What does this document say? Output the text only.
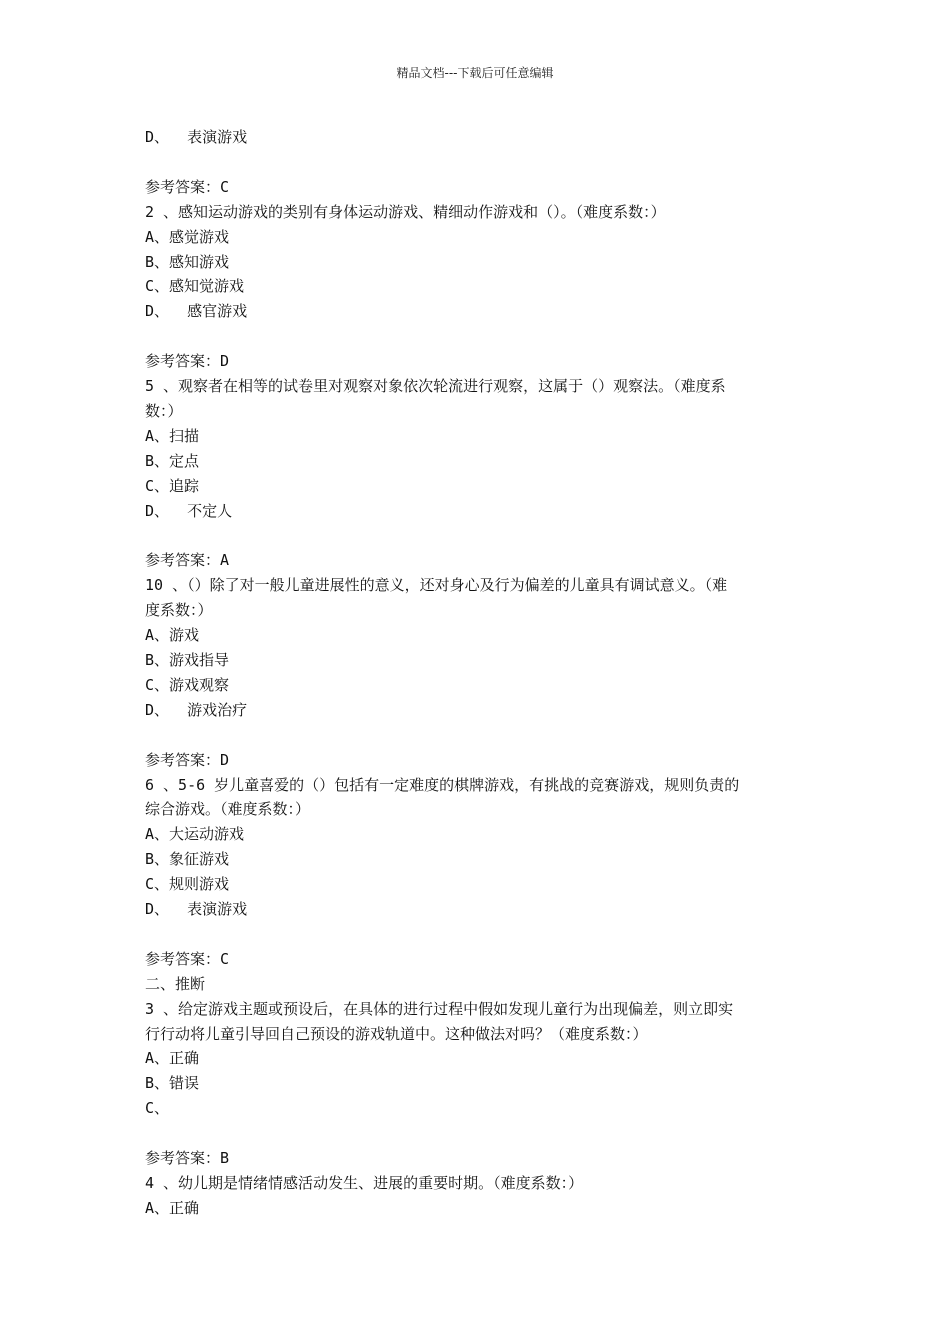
精品文档---下载后可任意编辑
D、  表演游戏
参考答案：C
2 、感知运动游戏的类别有身体运动游戏、精细动作游戏和（）。（难度系数：）
A、感觉游戏
B、感知游戏
C、感知觉游戏
D、  感官游戏
参考答案：D
5 、观察者在相等的试卷里对观察对象依次轮流进行观察，这属于（）观察法。（难度系
数：）
A、扫描
B、定点
C、追踪
D、  不定人
参考答案：A
10 、（）除了对一般儿童进展性的意义，还对身心及行为偏差的儿童具有调试意义。（难
度系数：）
A、游戏
B、游戏指导
C、游戏观察
D、  游戏治疗
参考答案：D
6 、5-6 岁儿童喜爱的（）包括有一定难度的棋牌游戏，有挑战的竞赛游戏，规则负责的
综合游戏。（难度系数：）
A、大运动游戏
B、象征游戏
C、规则游戏
D、  表演游戏
参考答案：C
二、推断
3 、给定游戏主题或预设后，在具体的进行过程中假如发现儿童行为出现偏差，则立即实
行行动将儿童引导回自己预设的游戏轨道中。这种做法对吗？（难度系数：）
A、正确
B、错误
C、
参考答案：B
4 、幼儿期是情绪情感活动发生、进展的重要时期。（难度系数：）
A、正确
